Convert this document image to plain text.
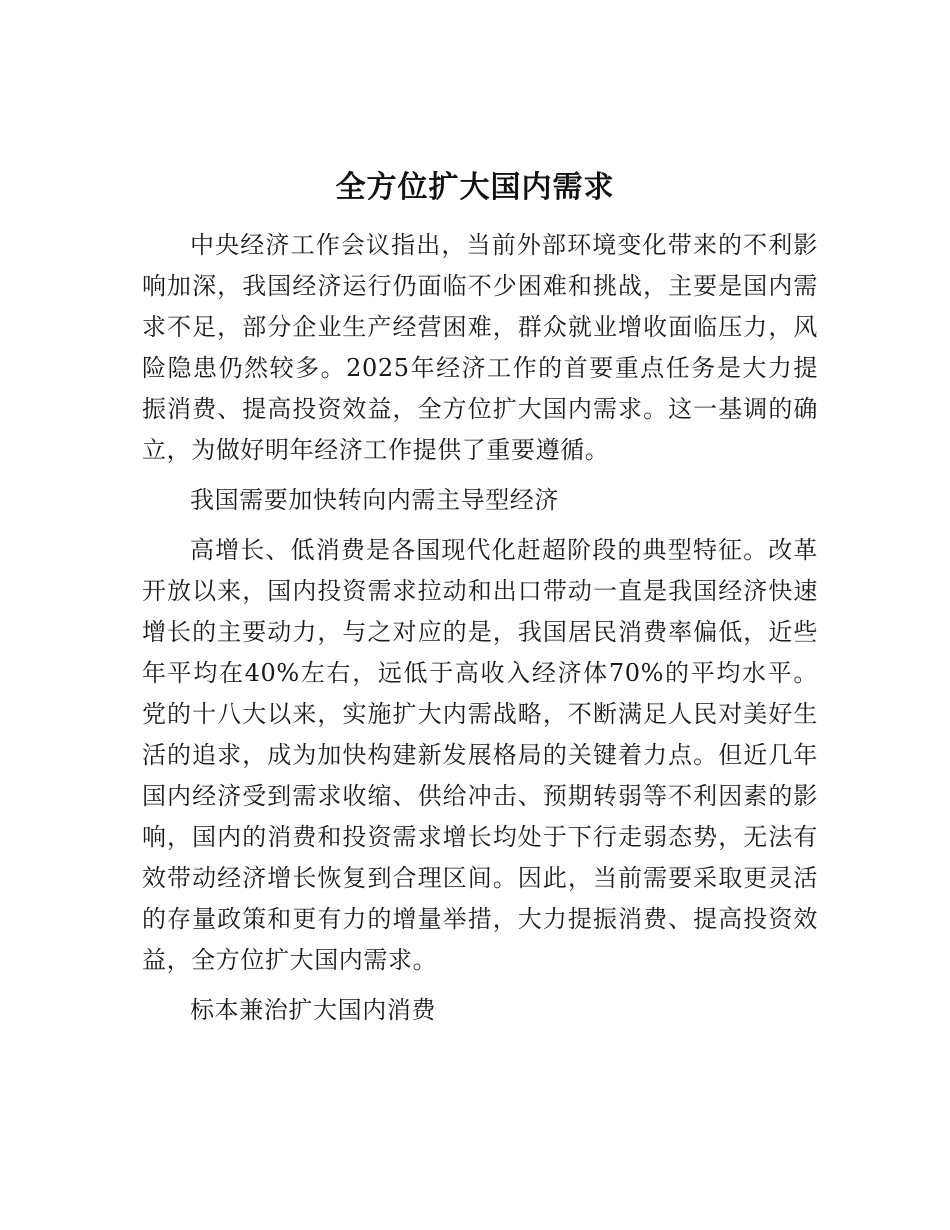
全方位扩大国内需求

中央经济工作会议指出，当前外部环境变化带来的不利影响加深，我国经济运行仍面临不少困难和挑战，主要是国内需求不足，部分企业生产经营困难，群众就业增收面临压力，风险隐患仍然较多。2025年经济工作的首要重点任务是大力提振消费、提高投资效益，全方位扩大国内需求。这一基调的确立，为做好明年经济工作提供了重要遵循。

我国需要加快转向内需主导型经济

高增长、低消费是各国现代化赶超阶段的典型特征。改革开放以来，国内投资需求拉动和出口带动一直是我国经济快速增长的主要动力，与之对应的是，我国居民消费率偏低，近些年平均在40%左右，远低于高收入经济体70%的平均水平。党的十八大以来，实施扩大内需战略，不断满足人民对美好生活的追求，成为加快构建新发展格局的关键着力点。但近几年国内经济受到需求收缩、供给冲击、预期转弱等不利因素的影响，国内的消费和投资需求增长均处于下行走弱态势，无法有效带动经济增长恢复到合理区间。因此，当前需要采取更灵活的存量政策和更有力的增量举措，大力提振消费、提高投资效益，全方位扩大国内需求。

标本兼治扩大国内消费
